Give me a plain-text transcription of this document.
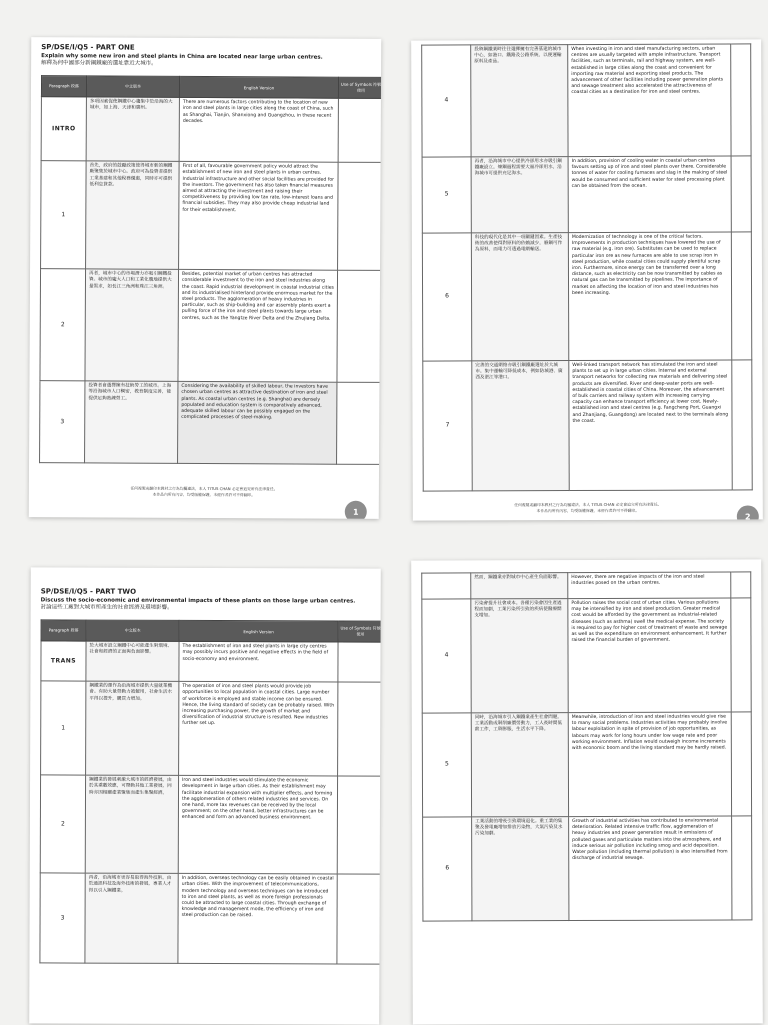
SP/DSE/I/Q5 - PART ONE
Explain why some new iron and steel plants in China are located near large urban centres.
解釋為何中國部分新鋼鐵廠的選址靠近大城市。
Paragraph 段落	中文版本	English Version	Use of Symbols 符號使用
INTRO	多項因素促使鋼鐵中心趨集中於沿海的大城市，如上海、天津和廣州。	There are numerous factors contributing to the location of new iron and steel plants in large cities along the coast of China, such as Shanghai, Tianjin, Shanxiong and Guangzhou, in these recent decades.	
1	首先，政府的鼓勵政策使得城市新的鋼鐵廠聚集於城市中心。政府可為投資者提供工業基建和其他稅務優惠，同時亦可提供低利息貸款。	First of all, favourable government policy would attract the establishment of new iron and steel plants in urban centres. Industrial infrastructure and other social facilities are provided for the investors. The government has also taken financial measures aimed at attracting the investment and raising their competitiveness by providing low tax rate, low-interest loans and financial subsidies. They may also provide cheap industrial land for their establishment.	
2	再者，城市中心的市場潛力亦吸引鋼鐵投資。城市的龐大人口和工業化腹地提供大量需求，如長江三角洲和珠江三角洲。	Besides, potential market of urban centres has attracted considerable investment to the iron and steel industries along the coast. Rapid industrial development in coastal industrial cities and its industrialised hinterland provide enormous market for the steel products. The agglomeration of heavy industries in particular, such as ship-building and car assembly plants exert a pulling force of the iron and steel plants towards large urban centres, such as the Yangtze River Delta and the Zhujiang Delta.	
3	投資者會選擇擁有技術勞工的城市。上海等沿海城市人口稠密，教育制度完善，能提供足夠熟練勞工。	Considering the availability of skilled labour, the investors have chosen urban centres as attractive destination of iron and steel plants. As coastal urban centres (e.g. Shanghai) are densely populated and education system is comparatively advanced, adequate skilled labour can be possibly engaged on the complicated processes of steel-making.	
任何複製或翻印本教材之行為均屬違法，本人 TITUS CHAN 必定會追究所有法律責任。
本作品內所有內容，均受版權保護，未經作者許可不得翻印。
1
4	投資鋼鐵業時往往選擇擁有完善基建的城市中心，如港口、鐵路及公路系統，以便運輸原料及產品。	When investing in iron and steel manufacturing sectors, urban centres are usually targeted with ample infrastructure. Transport facilities, such as terminals, rail and highway system, are well-established in large cities along the coast and convenient for importing raw material and exporting steel products. The advancement of other facilities including power generation plants and sewage treatment also accelerated the attractiveness of coastal cities as a destination for iron and steel centres.	
5	再者，沿海城市中心提供冷卻用水亦吸引鋼鐵廠設立。煉鋼過程需要大量冷卻用水，沿海城市可提供充足海水。	In addition, provision of cooling water in coastal urban centres favours setting up of iron and steel plants over there. Considerable tonnes of water for cooling furnaces and slag in the making of steel would be consumed and sufficient water for steel processing plant can be obtained from the ocean.	
6	科技的現代化是其中一項關鍵因素。生產技術的改善使得對原料的依賴減少，廢鋼可作為原料，而電力可透過電網輸送。	Modernization of technology is one of the critical factors. Improvements in production techniques have lowered the use of raw material (e.g. iron ore). Substitutes can be used to replace particular iron ore as new furnaces are able to use scrap iron in steel production, while coastal cities could supply plentiful scrap iron. Furthermore, since energy can be transferred over a long distance, such as electricity can be now transmitted by cables as natural gas can be transmitted by pipelines. The importance of market on affecting the location of iron and steel industries has been increasing.	
7	完善的交通網絡亦吸引鋼鐵廠選址於大城市。集中運輸可降低成本，例如防城港、廣西及湛江等港口。	Well-linked transport network has stimulated the iron and steel plants to set up in large urban cities. Internal and external transport networks for collecting raw materials and delivering steel products are diversified. River and deep-water ports are well-established in coastal cities of China. Moreover, the advancement of bulk carriers and railway system with increasing carrying capacity can enhance transport efficiency at lower cost. Newly-established iron and steel centres (e.g. Fangcheng Port, Guangxi and Zhanjiang, Guangdong) are located next to the terminals along the coast.	
任何複製或翻印本教材之行為均屬違法，本人 TITUS CHAN 必定會追究所有法律責任。
本作品內所有內容，均受版權保護，未經作者許可不得翻印。
2
SP/DSE/I/Q5 - PART TWO
Discuss the socio-economic and environmental impacts of these plants on those large urban centres.
討論這些工廠對大城市所產生的社會經濟及環境影響。
Paragraph 段落	中文版本	English Version	Use of Symbols 符號使用
TRANS	於大城市設立鋼鐵中心可能產生對環境、社會和經濟的正面與負面影響。	The establishment of iron and steel plants in large city centres may possibly incurs positive and negative effects in the field of socio-economy and environment.	
1	鋼鐵業的運作為沿海城市提供大量就業機會。有助大量勞動力被僱用，社會生活水平得以提升，購買力增加。	The operation of iron and steel plants would provide job opportunities to local population in coastal cities. Large number of workforce is employed and stable income can be ensured. Hence, the living standard of society can be probably raised. With increasing purchasing power, the growth of market and diversification of industrial structure is resulted. New industries further set up.	
2	鋼鐵業的發展刺激大城市的經濟發展。由於其乘數效應，可帶動其他工業發展，同時亦因相關產業聚集而產生集聚經濟。	Iron and steel industries would stimulate the economic development in large urban cities. As their establishment may facilitate industrial expansion with multiplier effects, and forming the agglomeration of others related industries and services. On one hand, more tax revenues can be received by the local government; on the other hand, better infrastructures can be enhanced and form an advanced business environment.	
3	再者，沿海城市更容易取得海外技術。由於通訊科技及海外技術的發展，專業人才得以引入鋼鐵業。	In addition, overseas technology can be easily obtained in coastal urban cities. With the improvement of telecommunications, modern technology and overseas techniques can be introduced to iron and steel plants, as well as more foreign professionals could be attracted to large coastal cities. Through exchange of knowledge and management mode, the efficiency of iron and steel production can be raised.	
	然而，鋼鐵業亦對城市中心產生負面影響。	However, there are negative impacts of the iron and steel industries posed on the urban centres.	
4	污染會提升社會成本。各種污染會因生產過程而加劇，工業污染所引致的疾病使醫療開支增加。	Pollution raises the social cost of urban cities. Various pollutions may be intensified by iron and steel production. Greater medical cost would be afforded by the government as industrial-related diseases (such as asthma) swell the medical expense. The society is required to pay for higher cost of treatment of waste and sewage as well as the expenditure on environment enhancement. It further raised the financial burden of government.	
5	同時，沿海城市引入鋼鐵業產生社會問題。工業活動或剝削廉價勞動力，工人長時間低薪工作，工資膨脹，生活水平下降。	Meanwhile, introduction of iron and steel industries would give rise to many social problems. Industries activities may probably involve labour exploitation in spite of provision of job opportunities, as labours may work for long hours under low wage rate and poor working environment. Inflation would outweigh income increments with economic boom and the living standard may be hardly raised.	
6	工業活動的增長引致環境退化。重工業的集聚及發電廠增加排放污染物，大氣污染及水污染加劇。	Growth of industrial activities has contributed to environmental deterioration. Related intensive traffic flow, agglomeration of heavy industries and power generation result in emissions of polluted gases and particulate matters into the atmosphere, and induce serious air pollution including smog and acid deposition. Water pollution (including thermal pollution) is also intensified from discharge of industrial sewage.	
